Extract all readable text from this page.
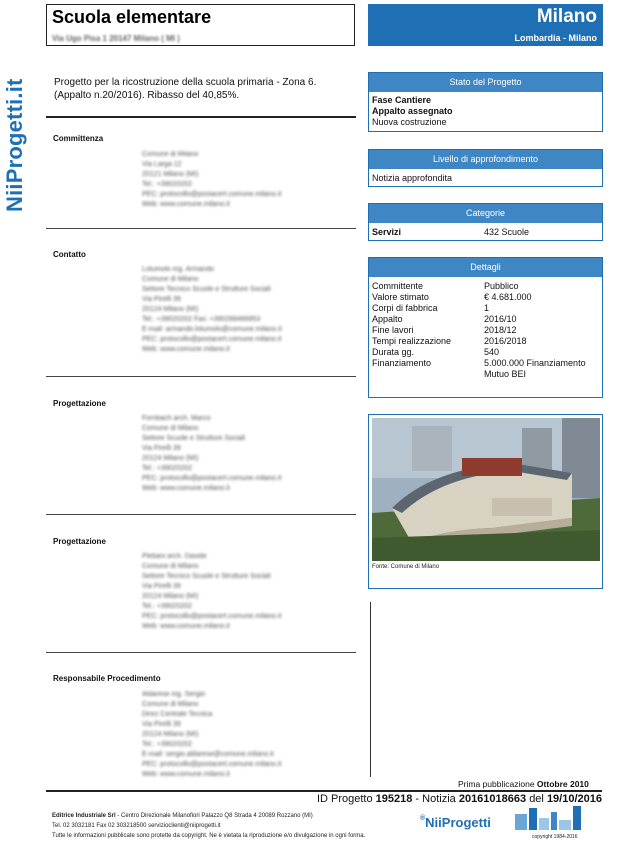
NiiProgetti.it
Scuola elementare
Via Ugo Pisa 1 20147 Milano ( MI )
Milano
Lombardia - Milano
Progetto per la ricostruzione della scuola primaria - Zona 6. (Appalto n.20/2016). Ribasso del 40,85%.
Committenza
Comune di Milano
Via Larga 12
20121 Milano (MI)
Tel.: +39020202
PEC: protocollo@postacert.comune.milano.it
Web: www.comune.milano.it
Contatto
Lotumolo ing. Armando
Comune di Milano
Settore Tecnico Scuole e Strutture Sociali
Via Pirelli 39
20124 Milano (MI)
Tel.: +39020202 Fax: +390288466953
E-mail: armando.lotumolo@comune.milano.it
PEC: protocollo@postacert.comune.milano.it
Web: www.comune.milano.it
Progettazione
Fornbach arch. Marco
Comune di Milano
Settore Scuole e Strutture Sociali
Via Pirelli 39
20124 Milano (MI)
Tel.: +39020202
PEC: protocollo@postacert.comune.milano.it
Web: www.comune.milano.it
Progettazione
Plebani arch. Davide
Comune di Milano
Settore Tecnico Scuole e Strutture Sociali
Via Pirelli 39
20124 Milano (MI)
Tel.: +39020202
PEC: protocollo@postacert.comune.milano.it
Web: www.comune.milano.it
Responsabile Procedimento
Aldarese ing. Sergio
Comune di Milano
Direz Centrale Tecnica
Via Pirelli 39
20124 Milano (MI)
Tel.: +39020202
E-mail: sergio.aldarese@comune.milano.it
PEC: protocollo@postacert.comune.milano.it
Web: www.comune.milano.it
Stato del Progetto
Fase Cantiere
Appalto assegnato
Nuova costruzione
Livello di approfondimento
Notizia approfondita
Categorie
Servizi	432 Scuole
Dettagli
Committente	Pubblico
Valore stimato	€ 4.681.000
Corpi di fabbrica	1
Appalto	2016/10
Fine lavori	2018/12
Tempi realizzazione	2016/2018
Durata gg.	540
Finanziamento	5.000.000 Finanziamento
Mutuo BEI
Fonte: Comune di Milano
Prima pubblicazione Ottobre 2010
ID Progetto 195218 - Notizia 20161018663 del 19/10/2016
Editrice Industriale Srl - Centro Direzionale Milanofiori Palazzo Q8 Strada 4 20089 Rozzano (MI)
Tel. 02 3032181 Fax 02 303218500 servizioclienti@niiprogetti.it
Tutte le informazioni pubblicate sono protette da copyright. Ne è vietata la riproduzione e/o divulgazione in ogni forma.
®NiiProgetti
copyright 1984-2016
